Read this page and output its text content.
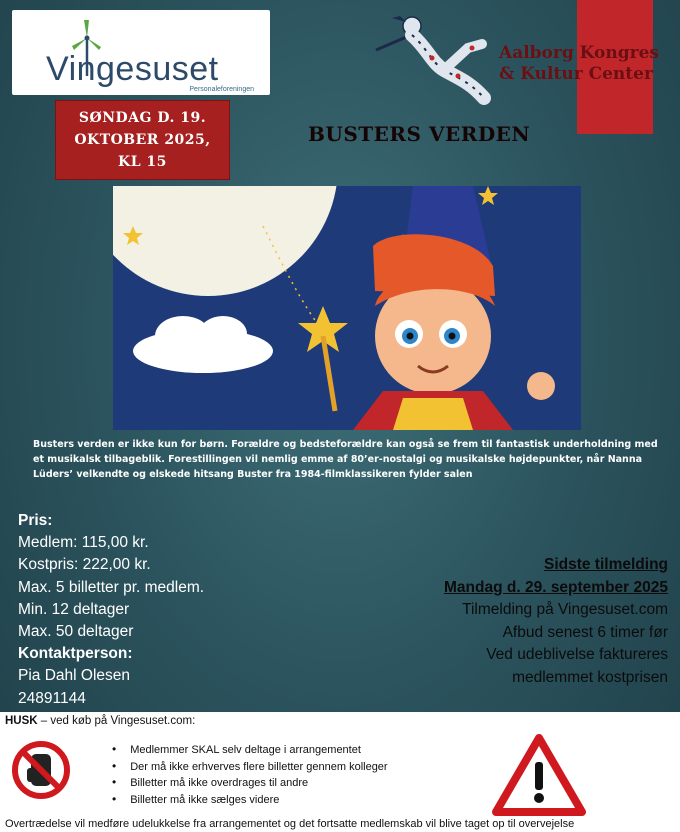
Vingesuset
Personaleforeningen
Aalborg Kongres & Kultur Center
SØNDAG D. 19.
OKTOBER 2025,
KL 15
BUSTERS VERDEN
Busters verden er ikke kun for børn. Forældre og bedsteforældre kan også se frem til fantastisk underholdning med et musikalsk tilbageblik. Forestillingen vil nemlig emme af 80’er-nostalgi og musikalske højdepunkter, når Nanna Lüders’ velkendte og elskede hitsang Buster fra 1984-filmklassikeren fylder salen
Pris:
Medlem: 115,00 kr.
Kostpris: 222,00 kr.
Max. 5 billetter pr. medlem.
Min. 12 deltager
Max. 50 deltager
Kontaktperson:
Pia Dahl Olesen
24891144
Sidste tilmelding
Mandag d. 29. september 2025
Tilmelding på Vingesuset.com
Afbud senest 6 timer før
Ved udeblivelse faktureres
medlemmet kostprisen
HUSK – ved køb på Vingesuset.com:
• Medlemmer SKAL selv deltage i arrangementet
• Der må ikke erhverves flere billetter gennem kolleger
• Billetter må ikke overdrages til andre
• Billetter må ikke sælges videre
Overtrædelse vil medføre udelukkelse fra arrangementet og det fortsatte medlemskab vil blive taget op til overvejelse
